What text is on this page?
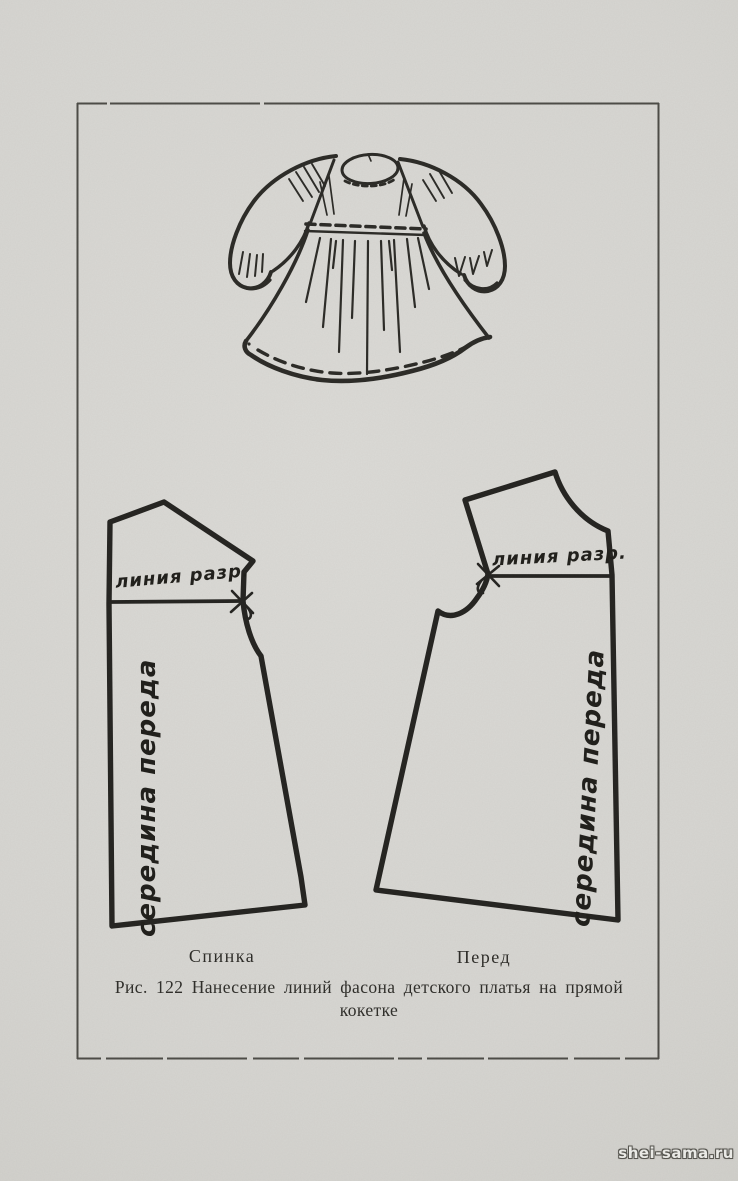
линия разр.
линия разр.
середина переда	середина переда
Спинка	Перед
Рис. 122 Нанесение линий фасона детского платья на прямой
кокетке
shei-sama.ru
